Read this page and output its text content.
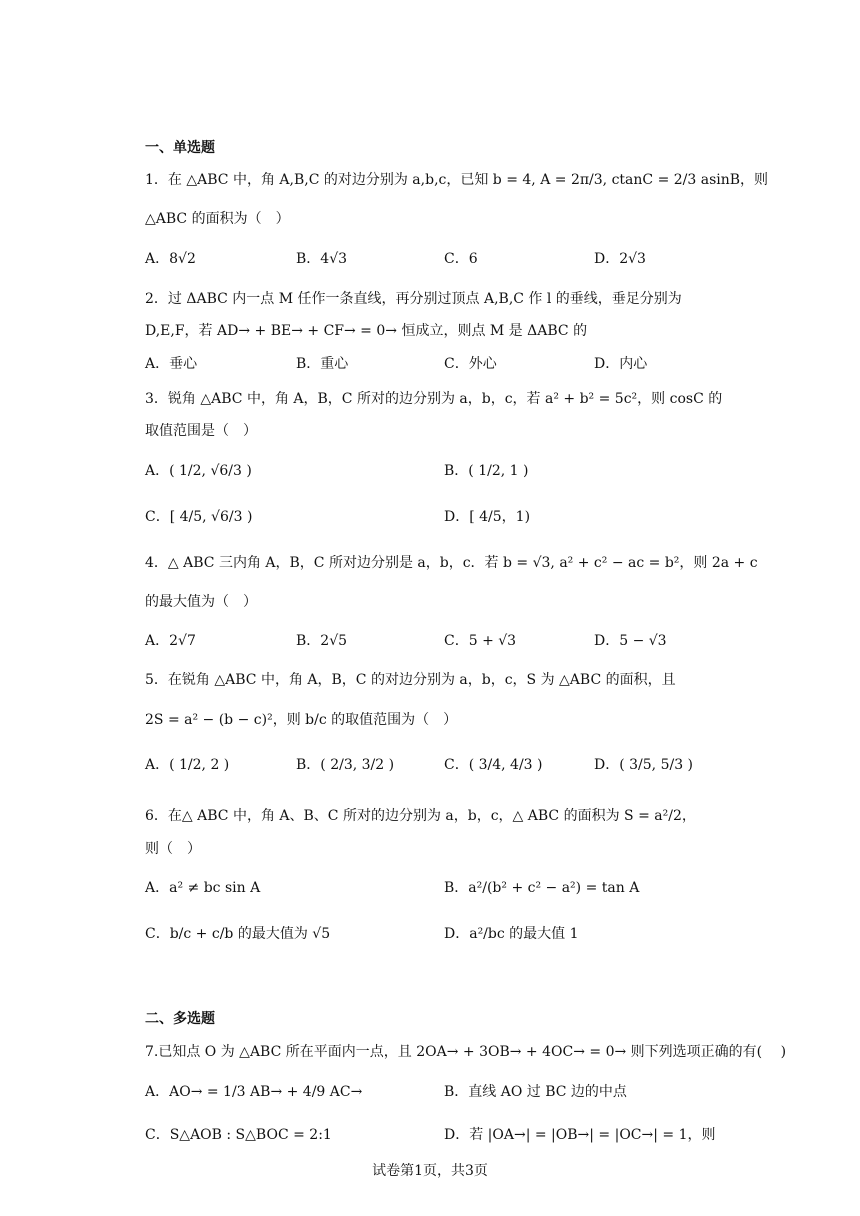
一、单选题
1．在 △ABC 中，角 A,B,C 的对边分别为 a,b,c，已知 b = 4, A = 2π/3, ctanC = 2/3 asinB，则
△ABC 的面积为（　）
A．8√2	B．4√3	C．6	D．2√3
2．过 ΔABC 内一点 M 任作一条直线，再分别过顶点 A,B,C 作 l 的垂线，垂足分别为
D,E,F，若 AD→ + BE→ + CF→ = 0→ 恒成立，则点 M 是 ΔABC 的
A．垂心	B．重心	C．外心	D．内心
3．锐角 △ABC 中，角 A，B，C 所对的边分别为 a，b，c，若 a² + b² = 5c²，则 cosC 的
取值范围是（　）
A．( 1/2, √6/3 )	B．( 1/2, 1 )
C．[ 4/5, √6/3 )	D．[ 4/5，1)
4．△ ABC 三内角 A，B，C 所对边分别是 a，b，c．若 b = √3, a² + c² − ac = b²，则 2a + c
的最大值为（　）
A．2√7	B．2√5	C．5 + √3	D．5 − √3
5．在锐角 △ABC 中，角 A，B，C 的对边分别为 a，b，c，S 为 △ABC 的面积，且
2S = a² − (b − c)²，则 b/c 的取值范围为（　）
A．( 1/2, 2 )	B．( 2/3, 3/2 )	C．( 3/4, 4/3 )	D．( 3/5, 5/3 )
6．在△ ABC 中，角 A、B、C 所对的边分别为 a，b，c，△ ABC 的面积为 S = a²/2，
则（　）
A．a² ≠ bc sin A	B．a²/(b² + c² − a²) = tan A
C．b/c + c/b 的最大值为 √5	D．a²/bc 的最大值 1
二、多选题
7.已知点 O 为 △ABC 所在平面内一点，且 2OA→ + 3OB→ + 4OC→ = 0→ 则下列选项正确的有(　 )
A．AO→ = 1/3 AB→ + 4/9 AC→	B．直线 AO 过 BC 边的中点
C．S△AOB : S△BOC = 2:1	D．若 |OA→| = |OB→| = |OC→| = 1，则
试卷第1页，共3页
